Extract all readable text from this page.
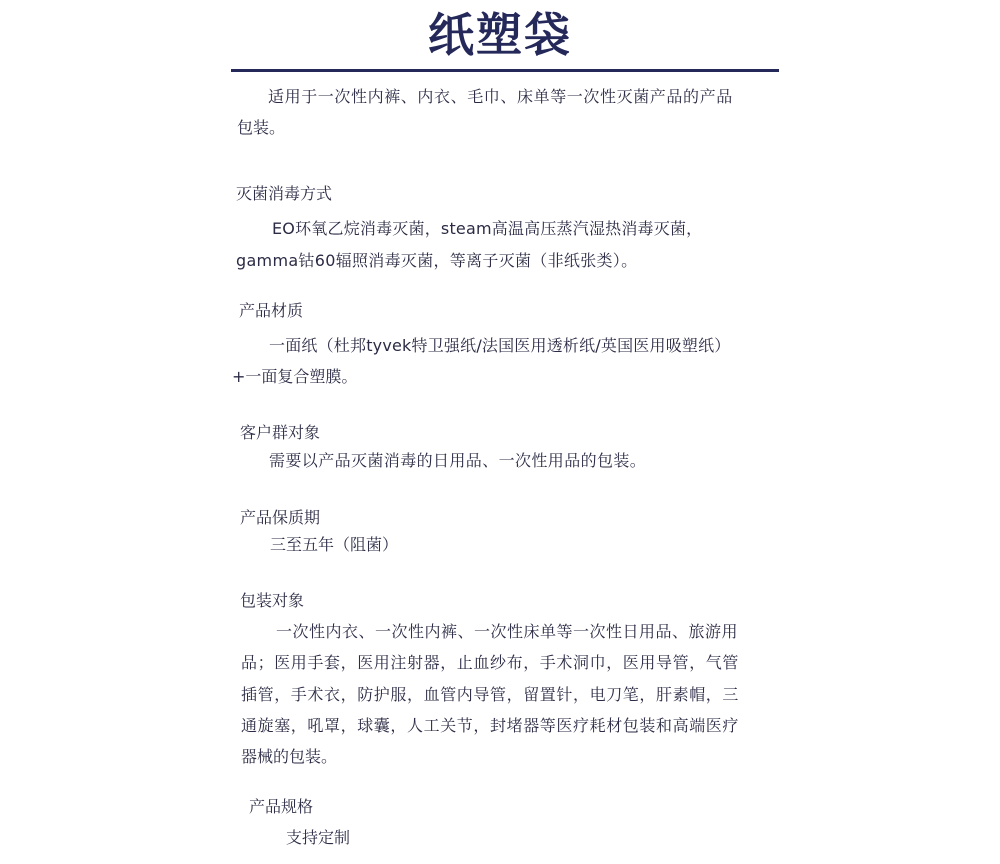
纸塑袋
适用于一次性内裤、内衣、毛巾、床单等一次性灭菌产品的产品
包装。
灭菌消毒方式
EO环氧乙烷消毒灭菌，steam高温高压蒸汽湿热消毒灭菌，
gamma钴60辐照消毒灭菌，等离子灭菌（非纸张类）。
产品材质
一面纸（杜邦tyvek特卫强纸/法国医用透析纸/英国医用吸塑纸）
+一面复合塑膜。
客户群对象
需要以产品灭菌消毒的日用品、一次性用品的包装。
产品保质期
三至五年（阻菌）
包装对象
一次性内衣、一次性内裤、一次性床单等一次性日用品、旅游用
品；医用手套，医用注射器，止血纱布，手术洞巾，医用导管，气管
插管，手术衣，防护服，血管内导管，留置针，电刀笔，肝素帽，三
通旋塞，吼罩，球囊，人工关节，封堵器等医疗耗材包装和高端医疗
器械的包装。
产品规格
支持定制
